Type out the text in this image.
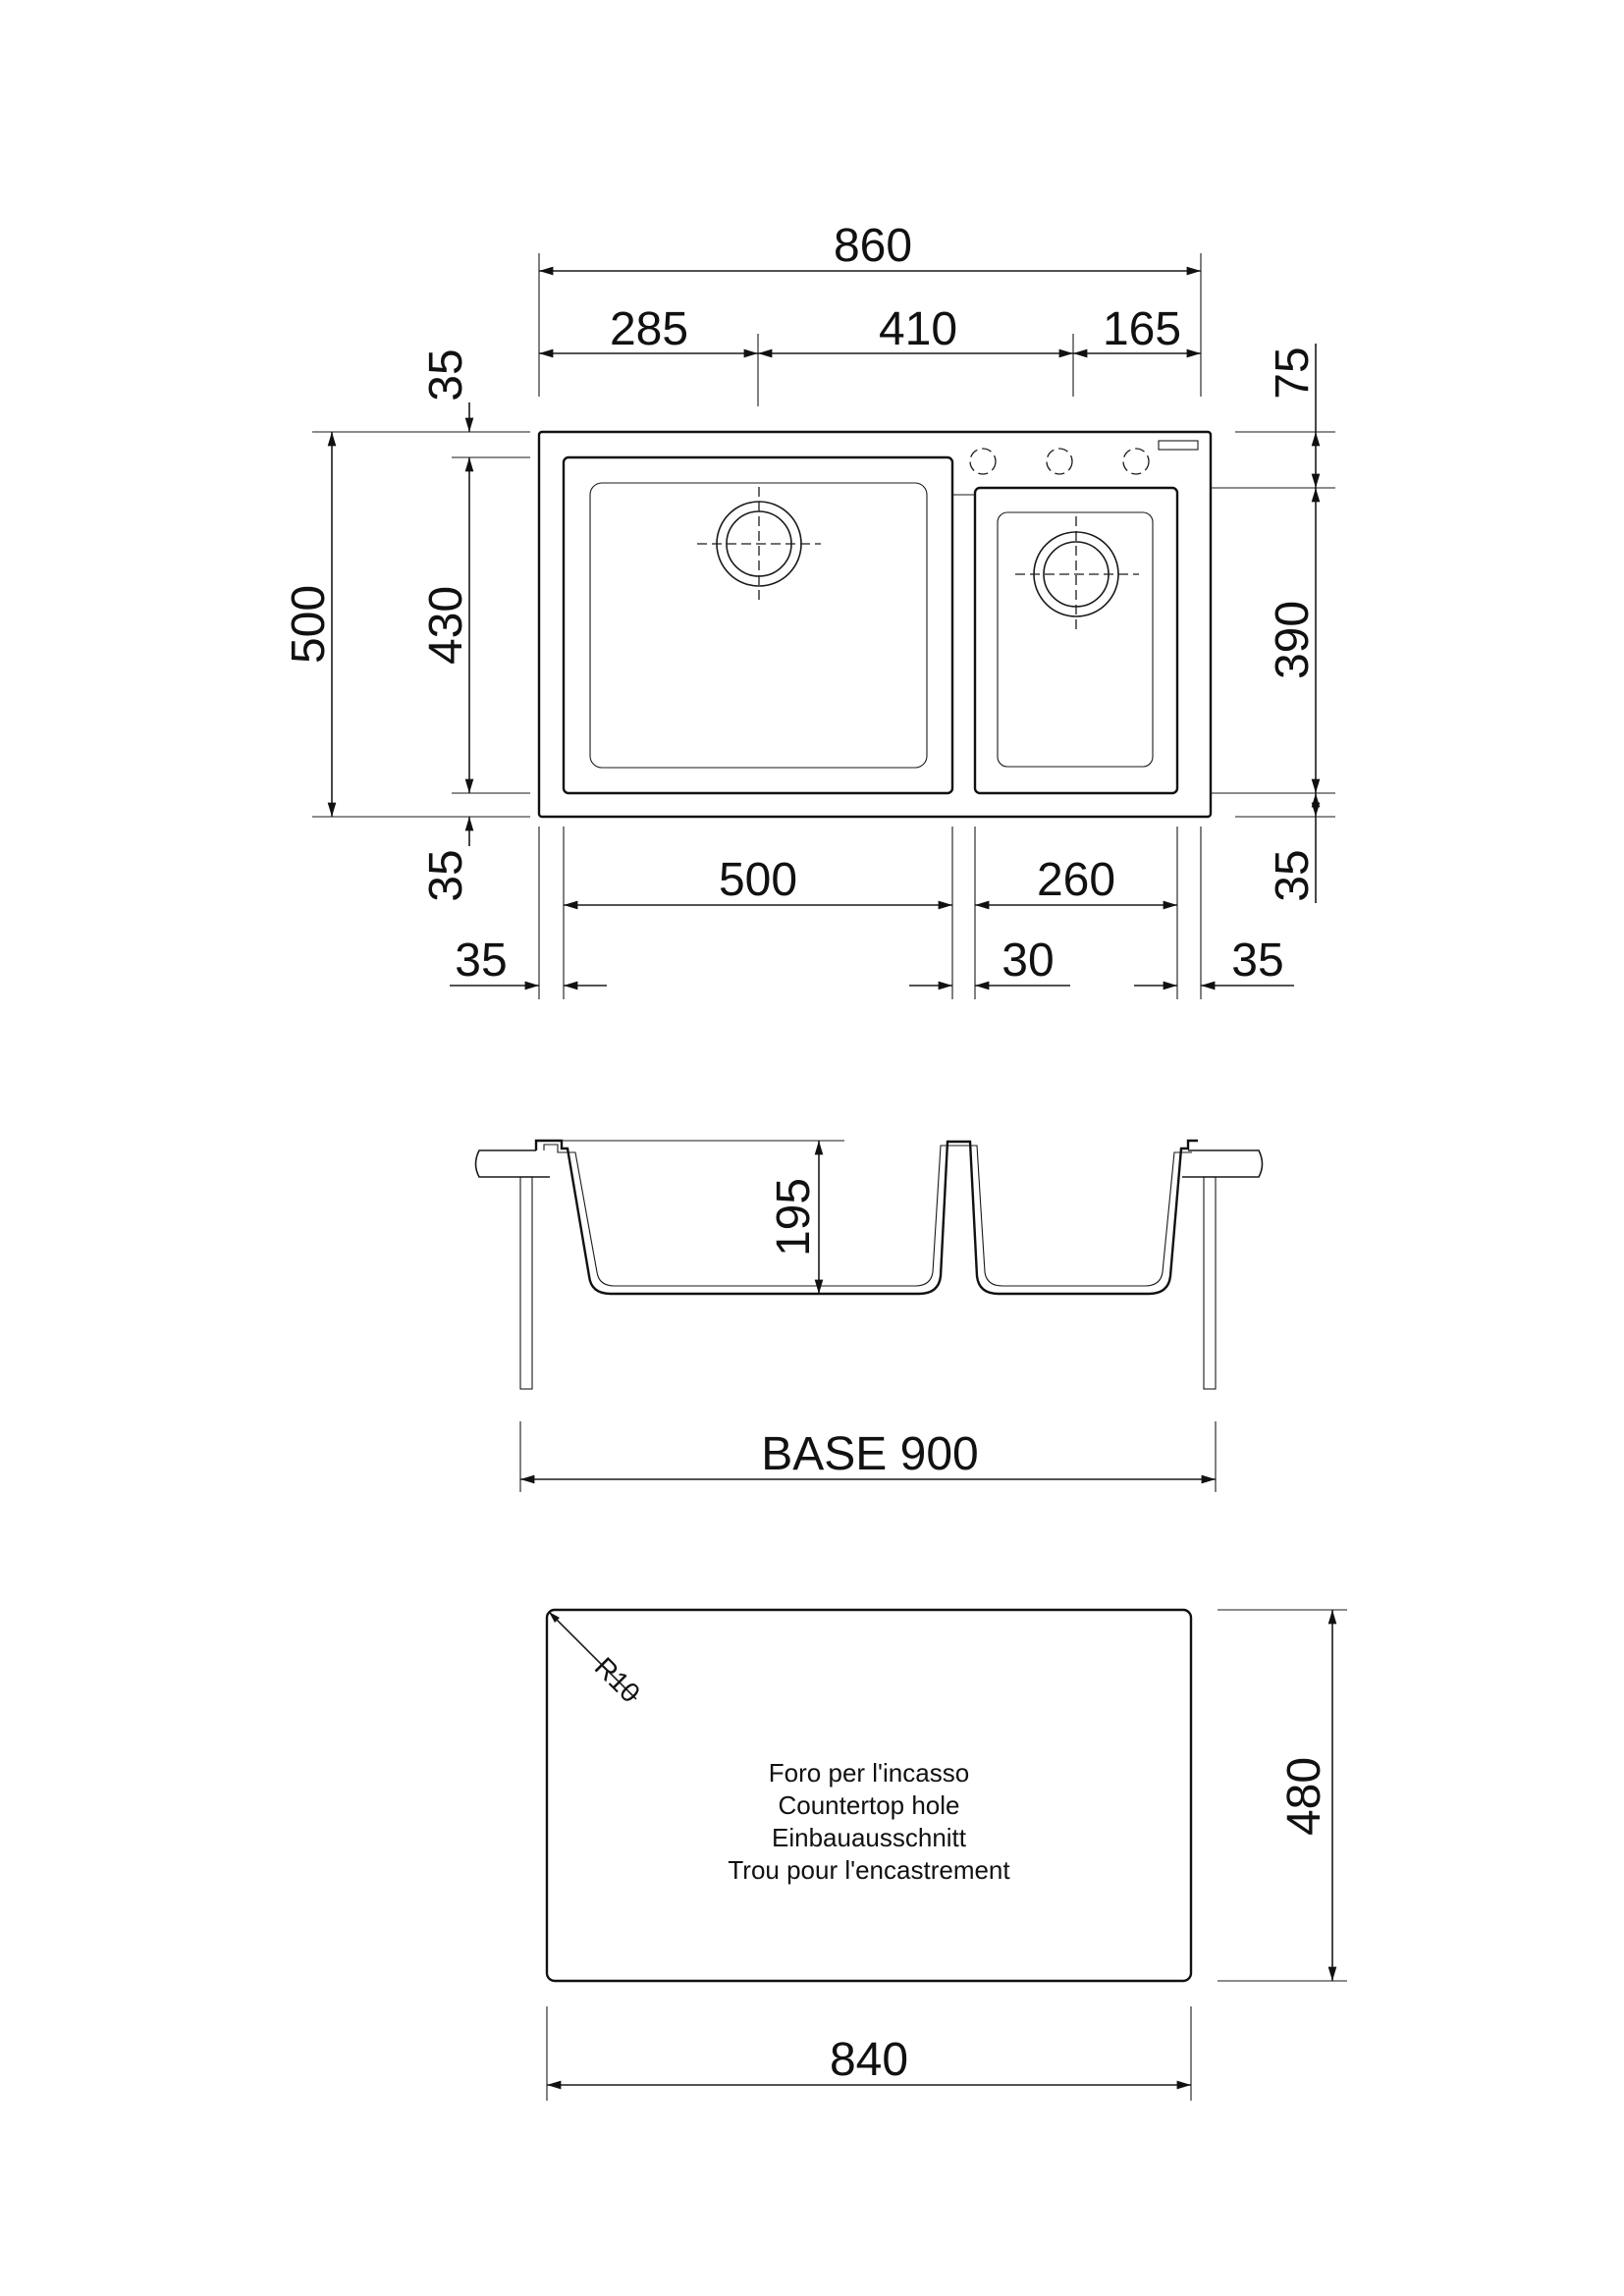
860
285	410	165
500 430
35
35
390
75
35
500	260
35	30	35
195
BASE 900
R10
Foro per l'incasso
Countertop hole
Einbauausschnitt
Trou pour l'encastrement
480
840
